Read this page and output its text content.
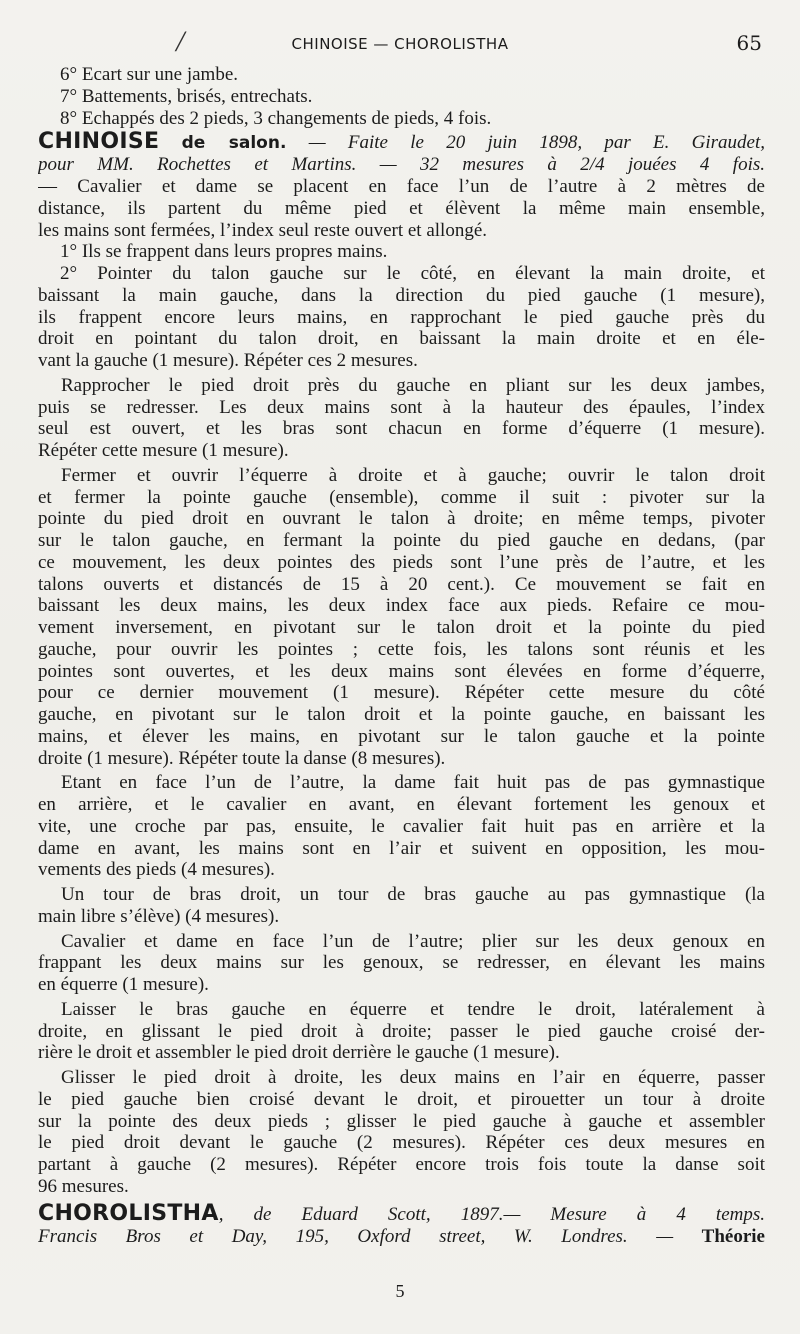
/	CHINOISE — CHOROLISTHA	65
6° Ecart sur une jambe.
7° Battements, brisés, entrechats.
8° Echappés des 2 pieds, 3 changements de pieds, 4 fois.
CHINOISE de salon. — Faite le 20 juin 1898, par E. Giraudet,
pour MM. Rochettes et Martins. — 32 mesures à 2/4 jouées 4 fois.
— Cavalier et dame se placent en face l’un de l’autre à 2 mètres de
distance, ils partent du même pied et élèvent la même main ensemble,
les mains sont fermées, l’index seul reste ouvert et allongé.
1° Ils se frappent dans leurs propres mains.
2° Pointer du talon gauche sur le côté, en élevant la main droite, et
baissant la main gauche, dans la direction du pied gauche (1 mesure),
ils frappent encore leurs mains, en rapprochant le pied gauche près du
droit en pointant du talon droit, en baissant la main droite et en éle-
vant la gauche (1 mesure). Répéter ces 2 mesures.
Rapprocher le pied droit près du gauche en pliant sur les deux jambes,
puis se redresser. Les deux mains sont à la hauteur des épaules, l’index
seul est ouvert, et les bras sont chacun en forme d’équerre (1 mesure).
Répéter cette mesure (1 mesure).
Fermer et ouvrir l’équerre à droite et à gauche; ouvrir le talon droit
et fermer la pointe gauche (ensemble), comme il suit : pivoter sur la
pointe du pied droit en ouvrant le talon à droite; en même temps, pivoter
sur le talon gauche, en fermant la pointe du pied gauche en dedans, (par
ce mouvement, les deux pointes des pieds sont l’une près de l’autre, et les
talons ouverts et distancés de 15 à 20 cent.). Ce mouvement se fait en
baissant les deux mains, les deux index face aux pieds. Refaire ce mou-
vement inversement, en pivotant sur le talon droit et la pointe du pied
gauche, pour ouvrir les pointes ; cette fois, les talons sont réunis et les
pointes sont ouvertes, et les deux mains sont élevées en forme d’équerre,
pour ce dernier mouvement (1 mesure). Répéter cette mesure du côté
gauche, en pivotant sur le talon droit et la pointe gauche, en baissant les
mains, et élever les mains, en pivotant sur le talon gauche et la pointe
droite (1 mesure). Répéter toute la danse (8 mesures).
Etant en face l’un de l’autre, la dame fait huit pas de pas gymnastique
en arrière, et le cavalier en avant, en élevant fortement les genoux et
vite, une croche par pas, ensuite, le cavalier fait huit pas en arrière et la
dame en avant, les mains sont en l’air et suivent en opposition, les mou-
vements des pieds (4 mesures).
Un tour de bras droit, un tour de bras gauche au pas gymnastique (la
main libre s’élève) (4 mesures).
Cavalier et dame en face l’un de l’autre; plier sur les deux genoux en
frappant les deux mains sur les genoux, se redresser, en élevant les mains
en équerre (1 mesure).
Laisser le bras gauche en équerre et tendre le droit, latéralement à
droite, en glissant le pied droit à droite; passer le pied gauche croisé der-
rière le droit et assembler le pied droit derrière le gauche (1 mesure).
Glisser le pied droit à droite, les deux mains en l’air en équerre, passer
le pied gauche bien croisé devant le droit, et pirouetter un tour à droite
sur la pointe des deux pieds ; glisser le pied gauche à gauche et assembler
le pied droit devant le gauche (2 mesures). Répéter ces deux mesures en
partant à gauche (2 mesures). Répéter encore trois fois toute la danse soit
96 mesures.
CHOROLISTHA, de Eduard Scott, 1897.— Mesure à 4 temps.
Francis Bros et Day, 195, Oxford street, W. Londres. — Théorie
5
